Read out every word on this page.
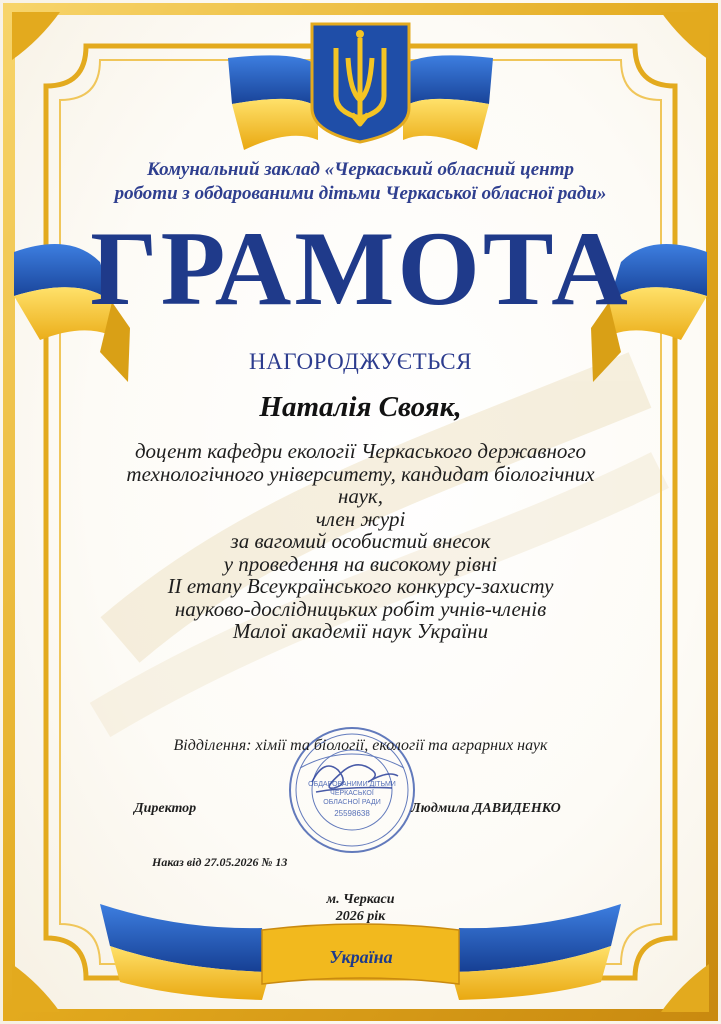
ОБДАРОВАНИМИ ДІТЬМИ
ЧЕРКАСЬКОЇ
ОБЛАСНОЇ РАДИ
25598638
Комунальний заклад «Черкаський обласний центр
роботи з обдарованими дітьми Черкаської обласної ради»
ГРАМОТА
НАГОРОДЖУЄТЬСЯ
Наталія Свояк,
доцент кафедри екології Черкаського державного
технологічного університету, кандидат біологічних
наук,
член журі
за вагомий особистий внесок
у проведення на високому рівні
ІІ етапу Всеукраїнського конкурсу-захисту
науково-дослідницьких робіт учнів-членів
Малої академії наук України
Відділення: хімії та біології, екології та аграрних наук
Директор	Людмила ДАВИДЕНКО
Наказ від 27.05.2026 № 13
м. Черкаси
2026 рік
Україна
